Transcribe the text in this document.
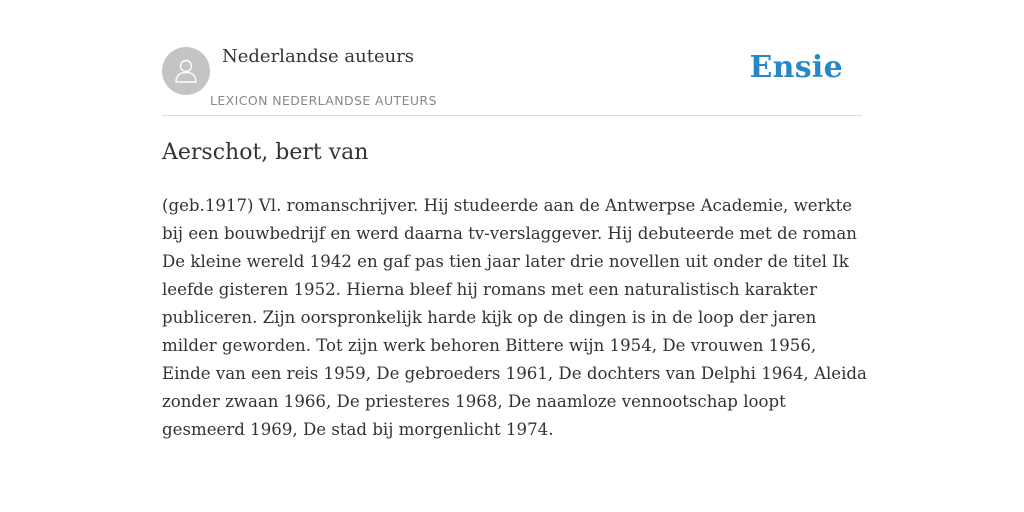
Nederlandse auteurs
LEXICON NEDERLANDSE AUTEURS
Ensie
Aerschot, bert van

(geb.1917) Vl. romanschrijver. Hij studeerde aan de Antwerpse Academie, werkte bij een bouwbedrijf en werd daarna tv-verslaggever. Hij debuteerde met de roman De kleine wereld 1942 en gaf pas tien jaar later drie novellen uit onder de titel Ik leefde gisteren 1952. Hierna bleef hij romans met een naturalistisch karakter publiceren. Zijn oorspronkelijk harde kijk op de dingen is in de loop der jaren milder geworden. Tot zijn werk behoren Bittere wijn 1954, De vrouwen 1956, Einde van een reis 1959, De gebroeders 1961, De dochters van Delphi 1964, Aleida zonder zwaan 1966, De priesteres 1968, De naamloze vennootschap loopt gesmeerd 1969, De stad bij morgenlicht 1974.
